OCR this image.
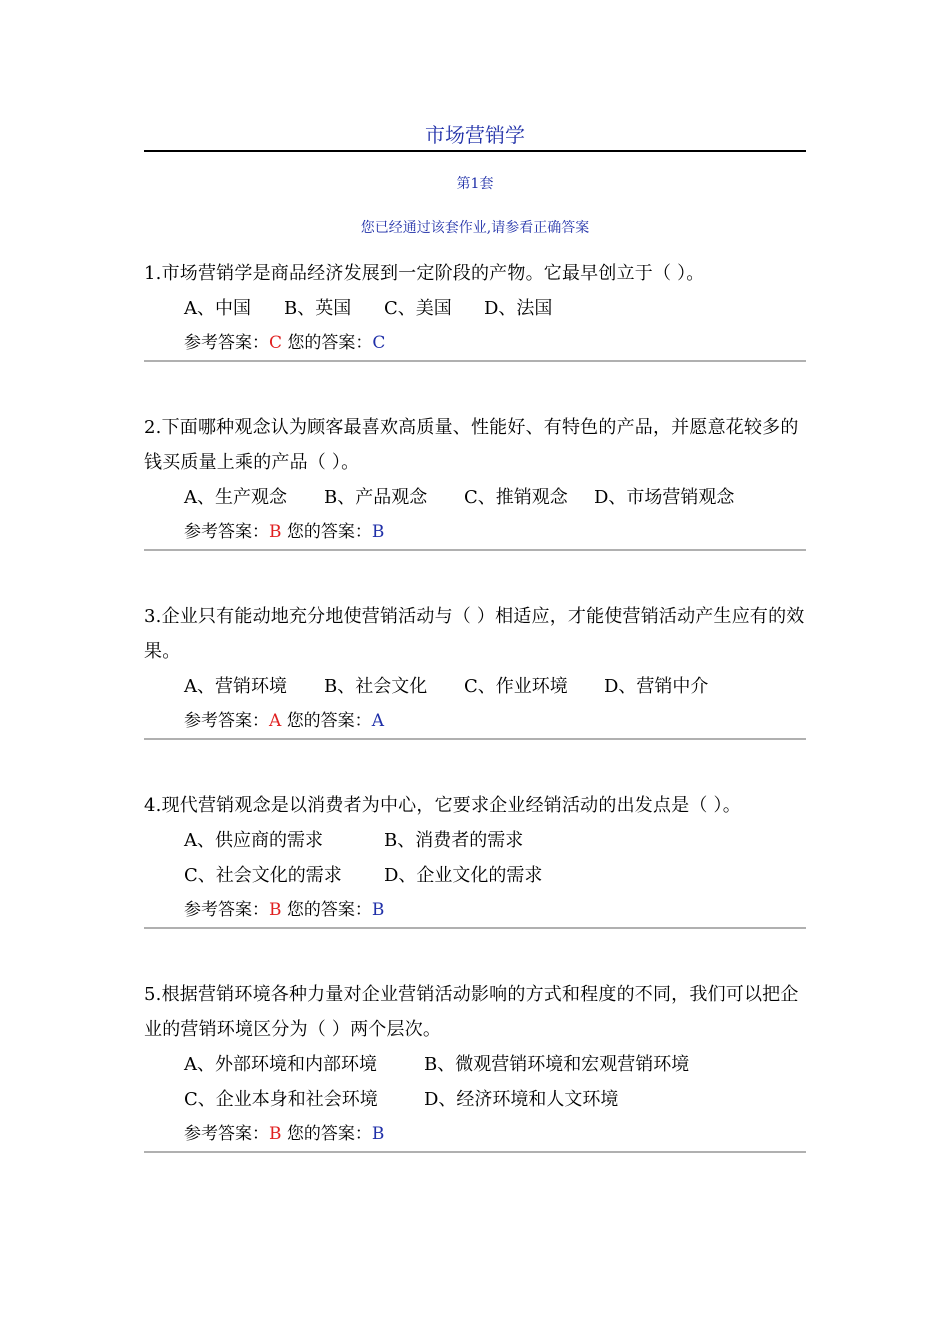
市场营销学
第1套
您已经通过该套作业,请参看正确答案
1.市场营销学是商品经济发展到一定阶段的产物。它最早创立于（ ）。
A、中国 B、英国 C、美国 D、法国
参考答案：C 您的答案：C
2.下面哪种观念认为顾客最喜欢高质量、性能好、有特色的产品，并愿意花较多的钱买质量上乘的产品（ ）。
A、生产观念 B、产品观念 C、推销观念 D、市场营销观念
参考答案：B 您的答案：B
3.企业只有能动地充分地使营销活动与（ ）相适应，才能使营销活动产生应有的效果。
A、营销环境 B、社会文化 C、作业环境 D、营销中介
参考答案：A 您的答案：A
4.现代营销观念是以消费者为中心，它要求企业经销活动的出发点是（ ）。
A、供应商的需求	B、消费者的需求
C、社会文化的需求 D、企业文化的需求
参考答案：B 您的答案：B
5.根据营销环境各种力量对企业营销活动影响的方式和程度的不同，我们可以把企业的营销环境区分为（ ）两个层次。
A、外部环境和内部环境	B、微观营销环境和宏观营销环境
C、企业本身和社会环境	D、经济环境和人文环境
参考答案：B 您的答案：B
